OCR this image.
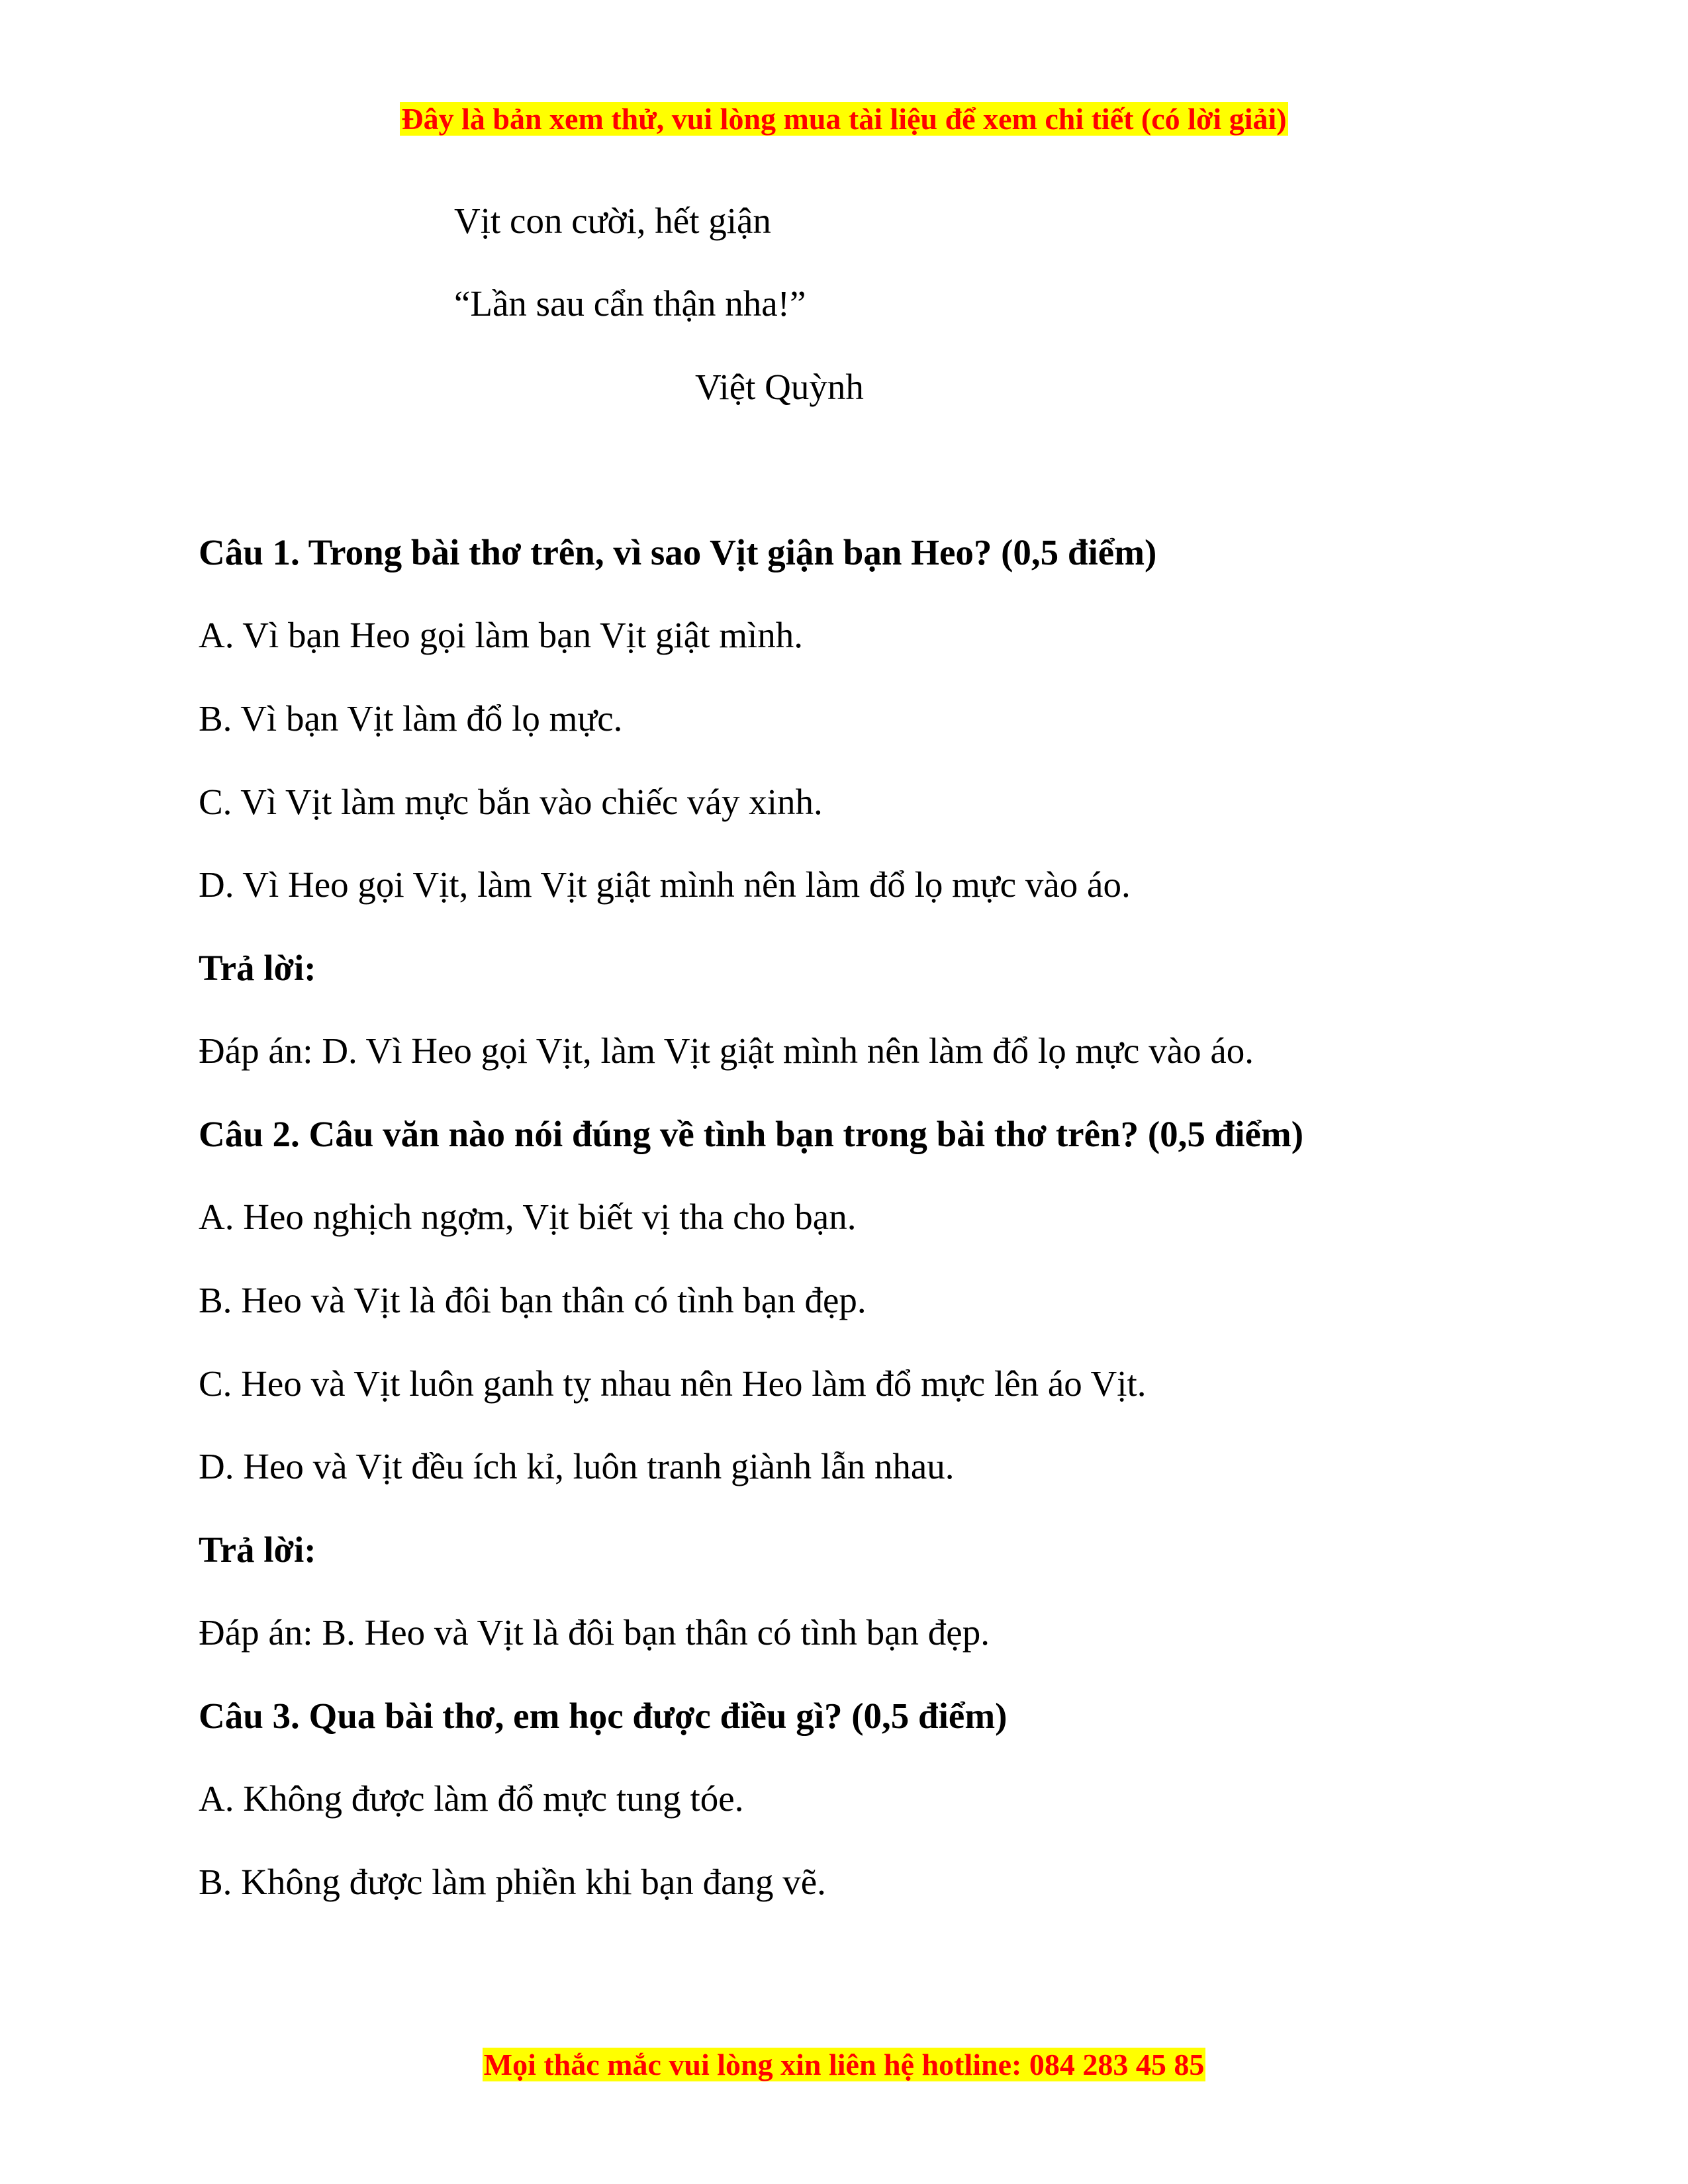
Đây là bản xem thử, vui lòng mua tài liệu để xem chi tiết (có lời giải)
Vịt con cười, hết giận
“Lần sau cẩn thận nha!”
Việt Quỳnh
Câu 1. Trong bài thơ trên, vì sao Vịt giận bạn Heo? (0,5 điểm)
A. Vì bạn Heo gọi làm bạn Vịt giật mình.
B. Vì bạn Vịt làm đổ lọ mực.
C. Vì Vịt làm mực bắn vào chiếc váy xinh.
D. Vì Heo gọi Vịt, làm Vịt giật mình nên làm đổ lọ mực vào áo.
Trả lời:
Đáp án: D. Vì Heo gọi Vịt, làm Vịt giật mình nên làm đổ lọ mực vào áo.
Câu 2. Câu văn nào nói đúng về tình bạn trong bài thơ trên? (0,5 điểm)
A. Heo nghịch ngợm, Vịt biết vị tha cho bạn.
B. Heo và Vịt là đôi bạn thân có tình bạn đẹp.
C. Heo và Vịt luôn ganh tỵ nhau nên Heo làm đổ mực lên áo Vịt.
D. Heo và Vịt đều ích kỉ, luôn tranh giành lẫn nhau.
Trả lời:
Đáp án: B. Heo và Vịt là đôi bạn thân có tình bạn đẹp.
Câu 3. Qua bài thơ, em học được điều gì? (0,5 điểm)
A. Không được làm đổ mực tung tóe.
B. Không được làm phiền khi bạn đang vẽ.
Mọi thắc mắc vui lòng xin liên hệ hotline: 084 283 45 85
